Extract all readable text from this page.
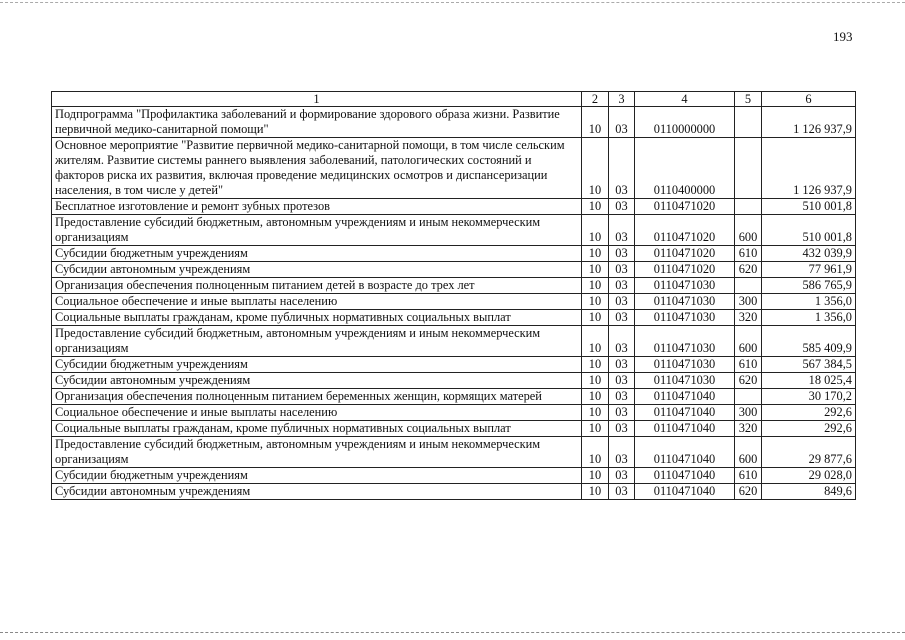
193
1	2	3	4	5	6
Подпрограмма "Профилактика заболеваний и формирование здорового образа жизни. Развитие первичной медико-санитарной помощи"	10	03	0110000000		1 126 937,9
Основное мероприятие "Развитие первичной медико-санитарной помощи, в том числе сельским жителям. Развитие системы раннего выявления заболеваний, патологических состояний и факторов риска их развития, включая проведение медицинских осмотров и диспансеризации населения, в том числе у детей"	10	03	0110400000		1 126 937,9
Бесплатное изготовление и ремонт зубных протезов	10	03	0110471020		510 001,8
Предоставление субсидий бюджетным, автономным учреждениям и иным некоммерческим организациям	10	03	0110471020	600	510 001,8
Субсидии бюджетным учреждениям	10	03	0110471020	610	432 039,9
Субсидии автономным учреждениям	10	03	0110471020	620	77 961,9
Организация обеспечения полноценным питанием детей в возрасте до трех лет	10	03	0110471030		586 765,9
Социальное обеспечение и иные выплаты населению	10	03	0110471030	300	1 356,0
Социальные выплаты гражданам, кроме публичных нормативных социальных выплат	10	03	0110471030	320	1 356,0
Предоставление субсидий бюджетным, автономным учреждениям и иным некоммерческим организациям	10	03	0110471030	600	585 409,9
Субсидии бюджетным учреждениям	10	03	0110471030	610	567 384,5
Субсидии автономным учреждениям	10	03	0110471030	620	18 025,4
Организация обеспечения полноценным питанием беременных женщин, кормящих матерей	10	03	0110471040		30 170,2
Социальное обеспечение и иные выплаты населению	10	03	0110471040	300	292,6
Социальные выплаты гражданам, кроме публичных нормативных социальных выплат	10	03	0110471040	320	292,6
Предоставление субсидий бюджетным, автономным учреждениям и иным некоммерческим организациям	10	03	0110471040	600	29 877,6
Субсидии бюджетным учреждениям	10	03	0110471040	610	29 028,0
Субсидии автономным учреждениям	10	03	0110471040	620	849,6
